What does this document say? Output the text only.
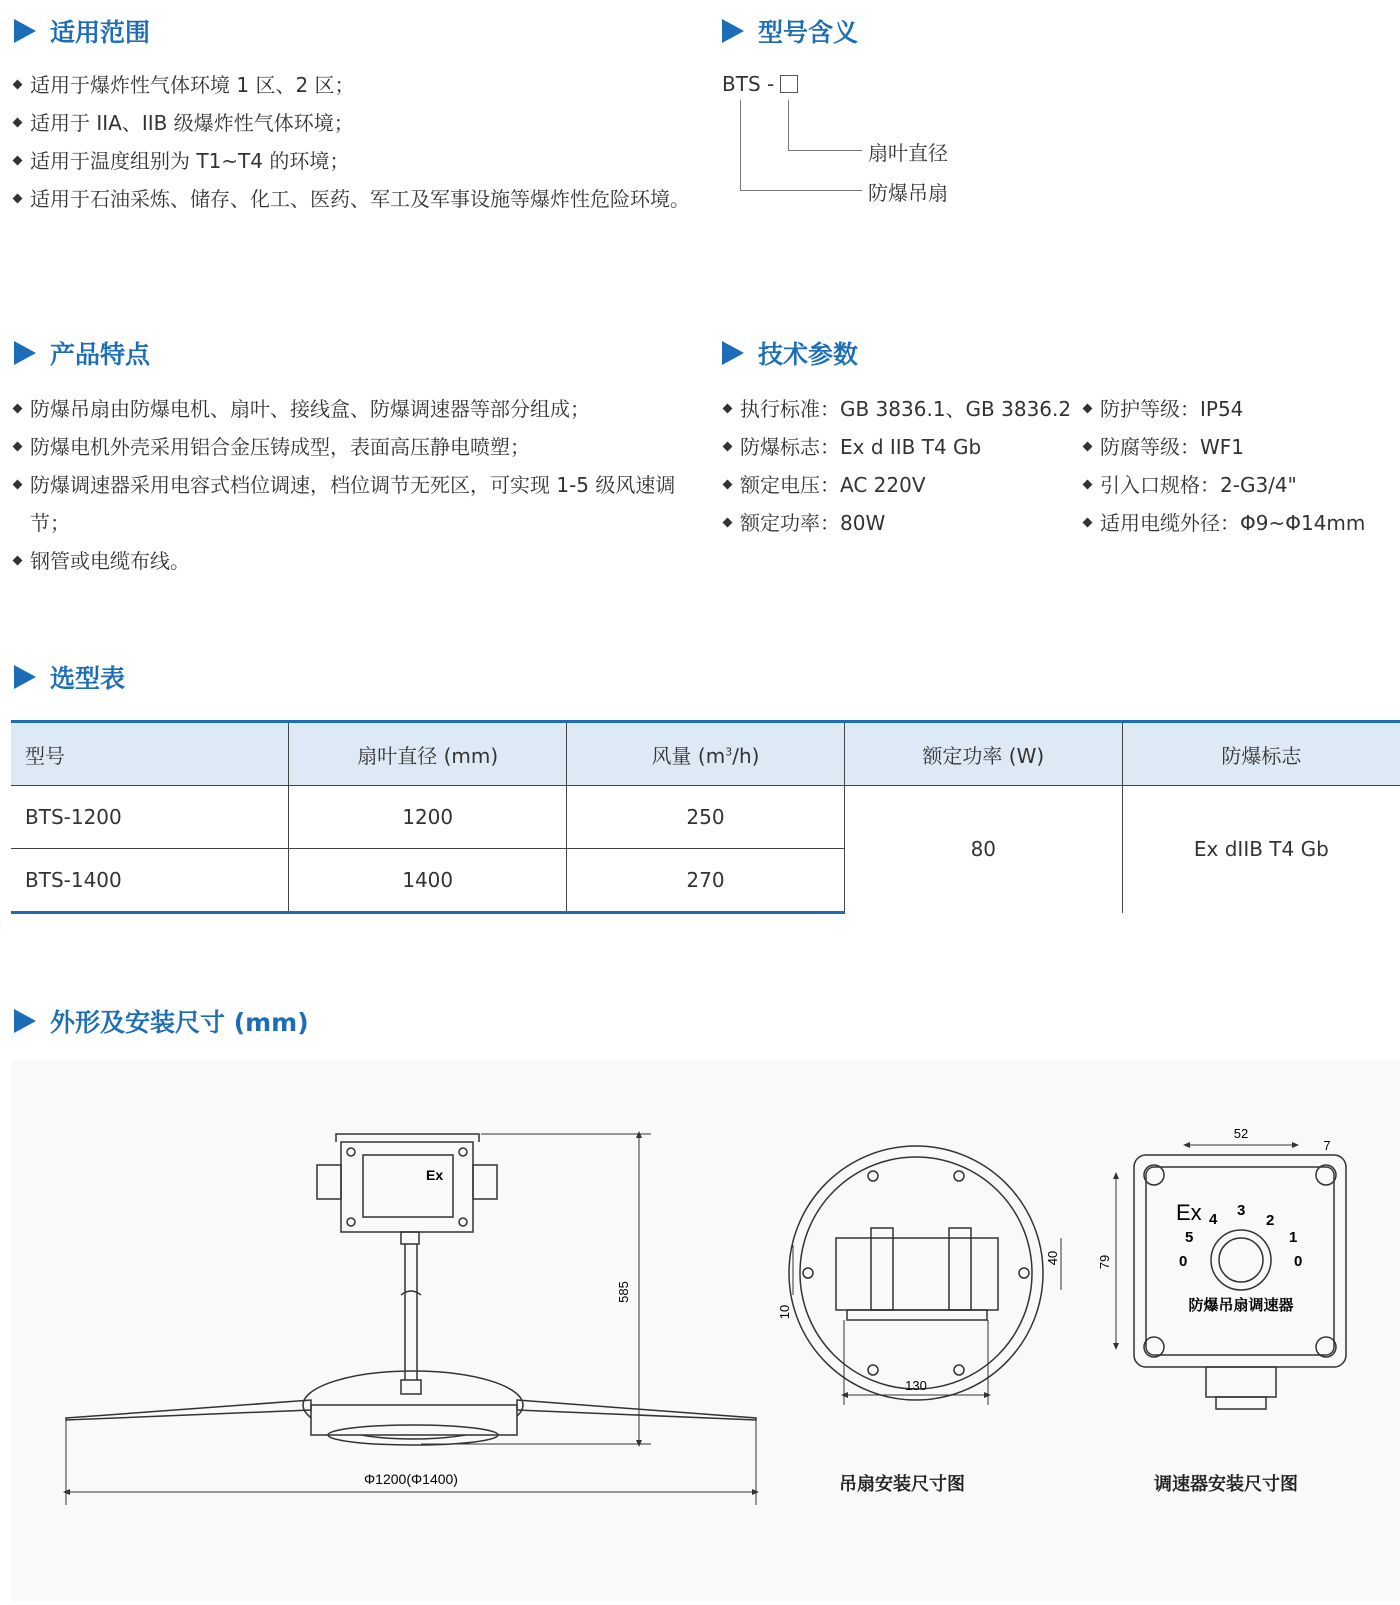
适用范围
适用于爆炸性气体环境 1 区、2 区；
适用于 IIA、IIB 级爆炸性气体环境；
适用于温度组别为 T1~T4 的环境；
适用于石油采炼、储存、化工、医药、军工及军事设施等爆炸性危险环境。
型号含义
BTS -
扇叶直径
防爆吊扇
产品特点
防爆吊扇由防爆电机、扇叶、接线盒、防爆调速器等部分组成；
防爆电机外壳采用铝合金压铸成型，表面高压静电喷塑；
防爆调速器采用电容式档位调速，档位调节无死区，可实现 1-5 级风速调节；
钢管或电缆布线。
技术参数
执行标准：GB 3836.1、GB 3836.2
防爆标志：Ex d IIB T4 Gb
额定电压：AC 220V
额定功率：80W
防护等级：IP54
防腐等级：WF1
引入口规格：2-G3/4"
适用电缆外径：Φ9~Φ14mm
选型表
型号	扇叶直径 (mm)	风量 $(m^3/h)$	额定功率 (W)	防爆标志
BTS-1200	1200	250	80	Ex dIIB T4 Gb
BTS-1400	1400	270		
外形及安装尺寸 (mm)
Ex
585
Φ1200(Φ1400)
130
10
40
52
7
79
Ex
5
4
3
2
1
0	0
防爆吊扇调速器
吊扇安装尺寸图	调速器安装尺寸图
